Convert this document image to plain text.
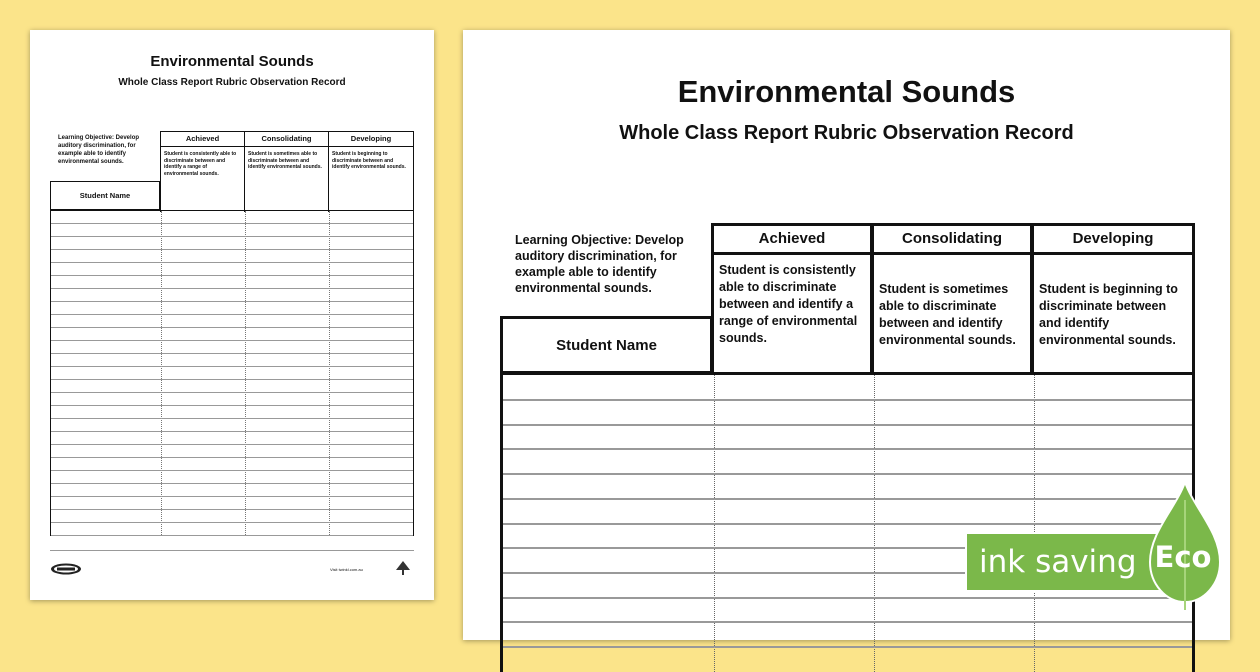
Environmental Sounds
Whole Class Report Rubric Observation Record
Learning Objective: Develop auditory discrimination, for example able to identify environmental sounds.
Achieved
Student is consistently able to discriminate between and identify a range of environmental sounds.
Consolidating
Student is sometimes able to discriminate between and identify environmental sounds.
Developing
Student is beginning to discriminate between and identify environmental sounds.
Student Name
Visit twinkl.com.au
Environmental Sounds
Whole Class Report Rubric Observation Record
Learning Objective: Develop auditory discrimination, for example able to identify environmental sounds.
Achieved
Student is consistently able to discriminate between and identify a range of environmental sounds.
Consolidating
Student is sometimes able to discriminate between and identify environmental sounds.
Developing
Student is beginning to discriminate between and identify environmental sounds.
Student Name
ink saving Eco
